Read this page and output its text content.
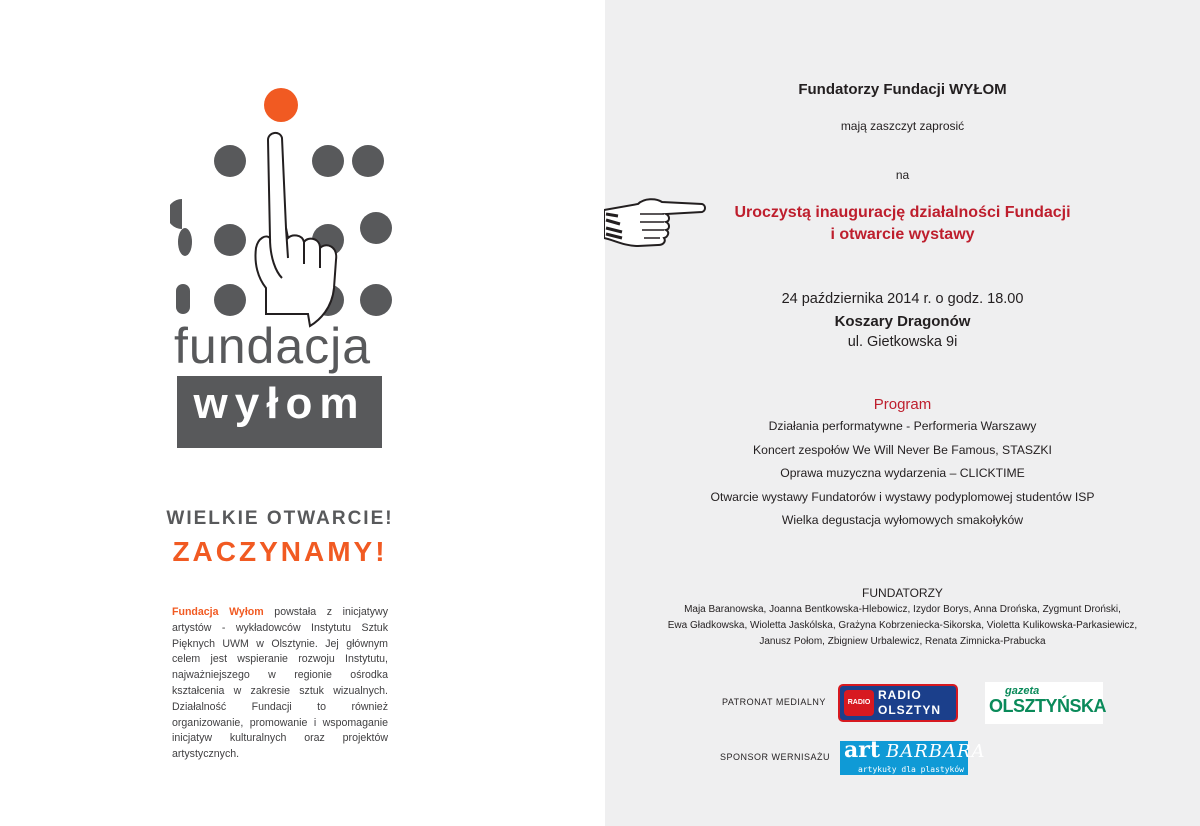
fundacja
wyłom
WIELKIE OTWARCIE!
ZACZYNAMY!
Fundacja Wyłom powstała z inicjatywy artystów - wykładowców Instytutu Sztuk Pięknych UWM w Olsztynie. Jej głównym celem jest wspieranie rozwoju Instytutu, najważniejszego w regionie ośrodka kształcenia w zakresie sztuk wizualnych. Działalność Fundacji to również organizowanie, promowanie i wspomaganie inicjatyw kulturalnych oraz projektów artystycznych.
Fundatorzy Fundacji WYŁOM
mają zaszczyt zaprosić
na
Uroczystą inaugurację działalności Fundacji
i otwarcie wystawy
24 października 2014 r. o godz. 18.00
Koszary Dragonów
ul. Gietkowska 9i
Program
Działania performatywne - Performeria Warszawy
Koncert zespołów We Will Never Be Famous, STASZKI
Oprawa muzyczna wydarzenia – CLICKTIME
Otwarcie wystawy Fundatorów i wystawy podyplomowej studentów ISP
Wielka degustacja wyłomowych smakołyków
FUNDATORZY
Maja Baranowska, Joanna Bentkowska-Hlebowicz, Izydor Borys, Anna Drońska, Zygmunt Droński,
Ewa Gładkowska, Wioletta Jaskólska, Grażyna Kobrzeniecka-Sikorska, Violetta Kulikowska-Parkasiewicz,
Janusz Połom, Zbigniew Urbalewicz, Renata Zimnicka-Prabucka
PATRONAT MEDIALNY
SPONSOR WERNISAŻU
RADIO
RADIO
OLSZTYN
gazeta
OLSZTYŃSKA
art BARBARA
artykuły dla plastyków
